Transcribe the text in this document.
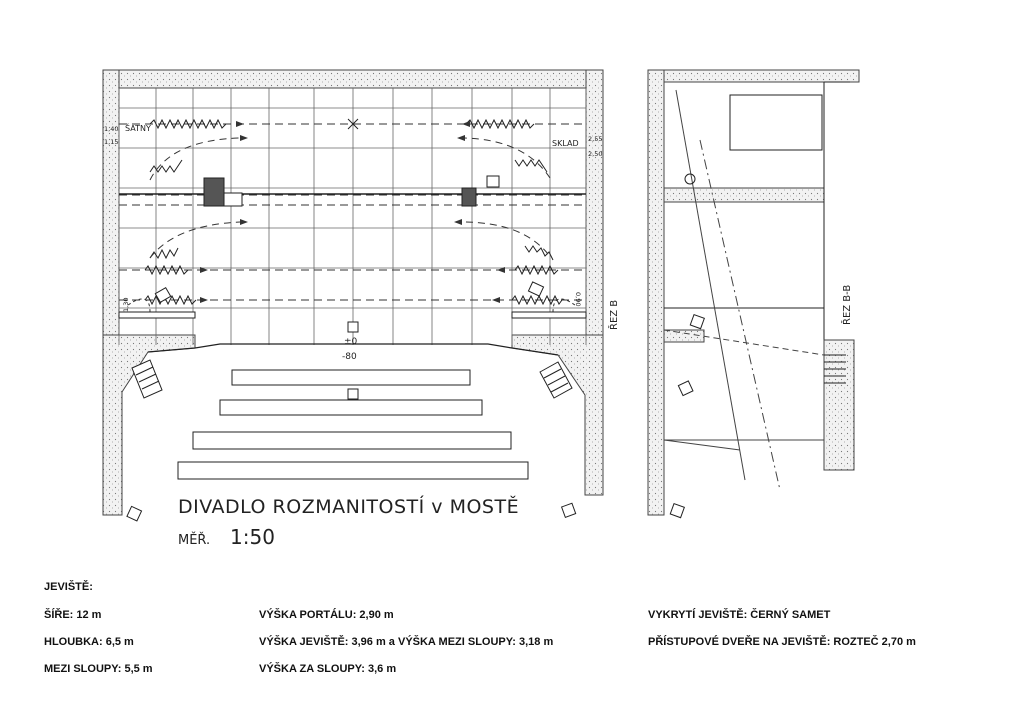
ŠATNY
SKLAD
1,40
1,15	2,55
2,50
1,30	0,90
ŘEZ B
±0
-80
DIVADLO ROZMANITOSTÍ v MOSTĚ
MĚŘ. 1:50
ŘEZ B-B
JEVIŠTĚ:
ŠÍŘE: 12 m
HLOUBKA: 6,5 m
MEZI SLOUPY: 5,5 m
VÝŠKA PORTÁLU: 2,90 m
VÝŠKA JEVIŠTĚ: 3,96 m a VÝŠKA MEZI SLOUPY: 3,18 m
VÝŠKA ZA SLOUPY: 3,6 m
VYKRYTÍ JEVIŠTĚ: ČERNÝ SAMET
PŘÍSTUPOVÉ DVEŘE NA JEVIŠTĚ: ROZTEČ 2,70 m
